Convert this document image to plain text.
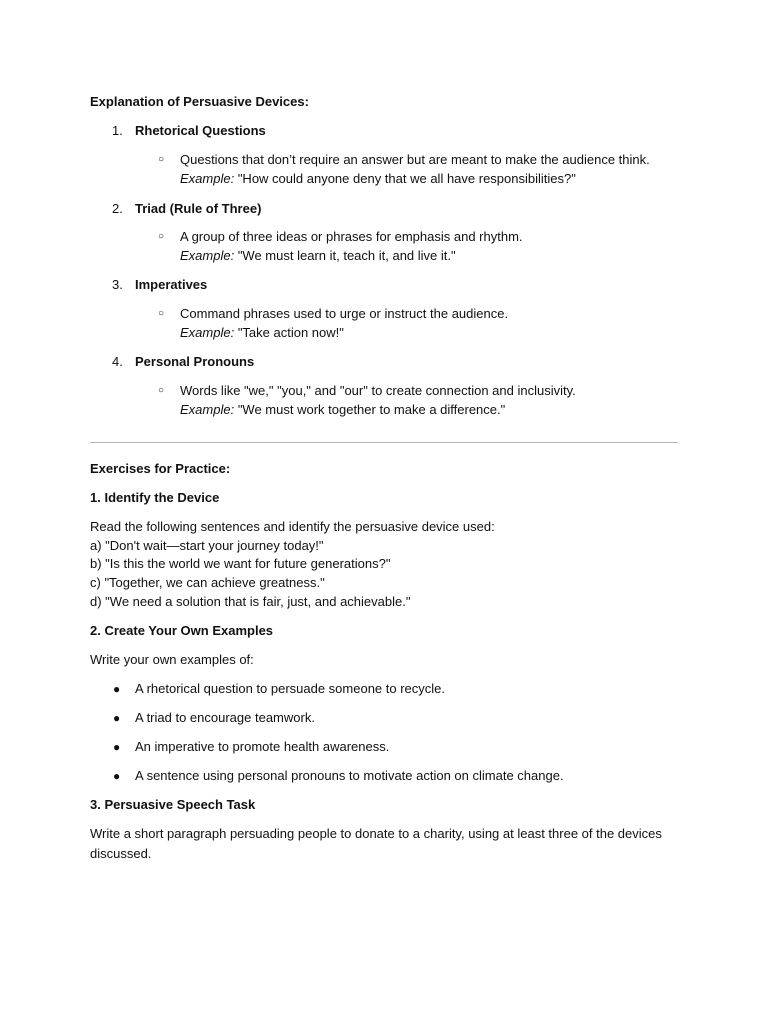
Explanation of Persuasive Devices:
1. Rhetorical Questions
○ Questions that don’t require an answer but are meant to make the audience think.
Example: "How could anyone deny that we all have responsibilities?"
2. Triad (Rule of Three)
○ A group of three ideas or phrases for emphasis and rhythm.
Example: "We must learn it, teach it, and live it."
3. Imperatives
○ Command phrases used to urge or instruct the audience.
Example: "Take action now!"
4. Personal Pronouns
○ Words like "we," "you," and "our" to create connection and inclusivity.
Example: "We must work together to make a difference."
Exercises for Practice:
1. Identify the Device
Read the following sentences and identify the persuasive device used:
a) "Don't wait—start your journey today!"
b) "Is this the world we want for future generations?"
c) "Together, we can achieve greatness."
d) "We need a solution that is fair, just, and achievable."
2. Create Your Own Examples
Write your own examples of:
● A rhetorical question to persuade someone to recycle.
● A triad to encourage teamwork.
● An imperative to promote health awareness.
● A sentence using personal pronouns to motivate action on climate change.
3. Persuasive Speech Task
Write a short paragraph persuading people to donate to a charity, using at least three of the devices
discussed.
